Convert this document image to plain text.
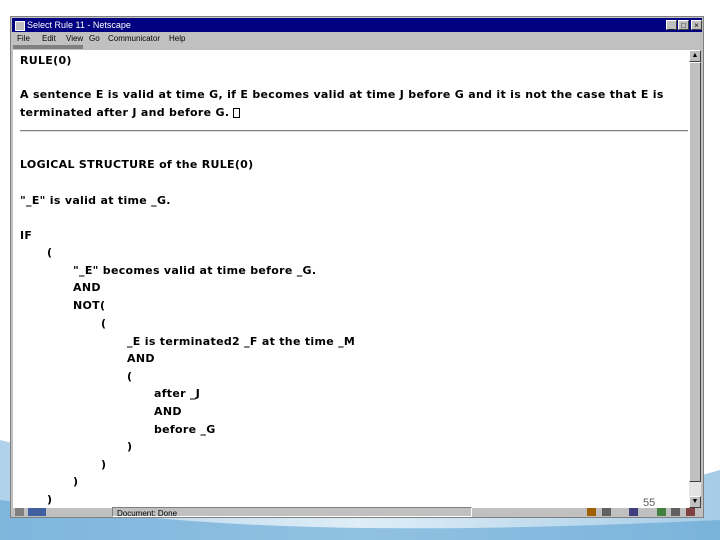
Select Rule 11 - Netscape	_ □	×
File Edit View Go Communicator Help
RULE(0)
A sentence E is valid at time G, if E becomes valid at time J before G and it is not the case that E is
terminated after J and before G.
LOGICAL STRUCTURE of the RULE(0)
"_E" is valid at time _G.
IF
(
"_E" becomes valid at time before _G.
AND
NOT(
(
_E is terminated2 _F at the time _M
AND
(
after _J
AND
before _G
)
)
)
)
▲
▼
Document: Done
55
